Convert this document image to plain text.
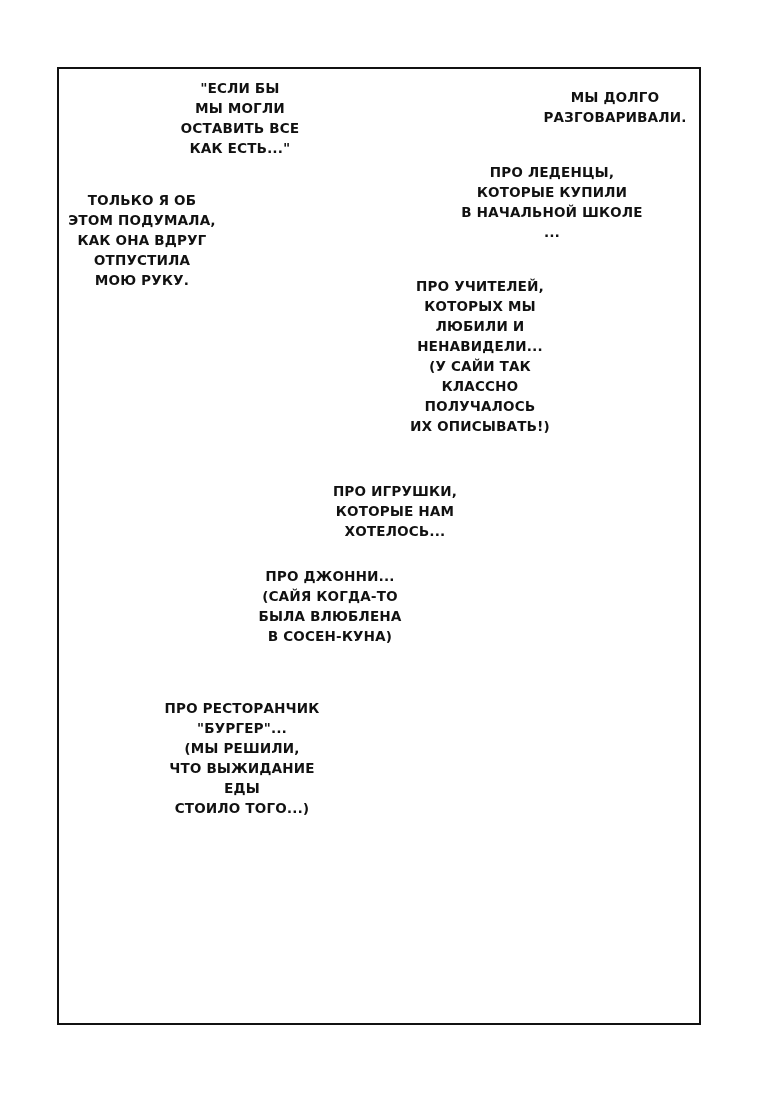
"ЕСЛИ БЫ
МЫ МОГЛИ
ОСТАВИТЬ ВСЕ
КАК ЕСТЬ..."
МЫ ДОЛГО
РАЗГОВАРИВАЛИ.
ТОЛЬКО Я ОБ
ЭТОМ ПОДУМАЛА,
КАК ОНА ВДРУГ
ОТПУСТИЛА
МОЮ РУКУ.
ПРО ЛЕДЕНЦЫ,
КОТОРЫЕ КУПИЛИ
В НАЧАЛЬНОЙ ШКОЛЕ
...
ПРО УЧИТЕЛЕЙ,
КОТОРЫХ МЫ
ЛЮБИЛИ И
НЕНАВИДЕЛИ...
(У САЙИ ТАК
КЛАССНО
ПОЛУЧАЛОСЬ
ИХ ОПИСЫВАТЬ!)
ПРО ИГРУШКИ,
КОТОРЫЕ НАМ
ХОТЕЛОСЬ...
ПРО ДЖОННИ...
(САЙЯ КОГДА-ТО
БЫЛА ВЛЮБЛЕНА
В СОСЕН-КУНА)
ПРО РЕСТОРАНЧИК
"БУРГЕР"...
(МЫ РЕШИЛИ,
ЧТО ВЫЖИДАНИЕ
ЕДЫ
СТОИЛО ТОГО...)
